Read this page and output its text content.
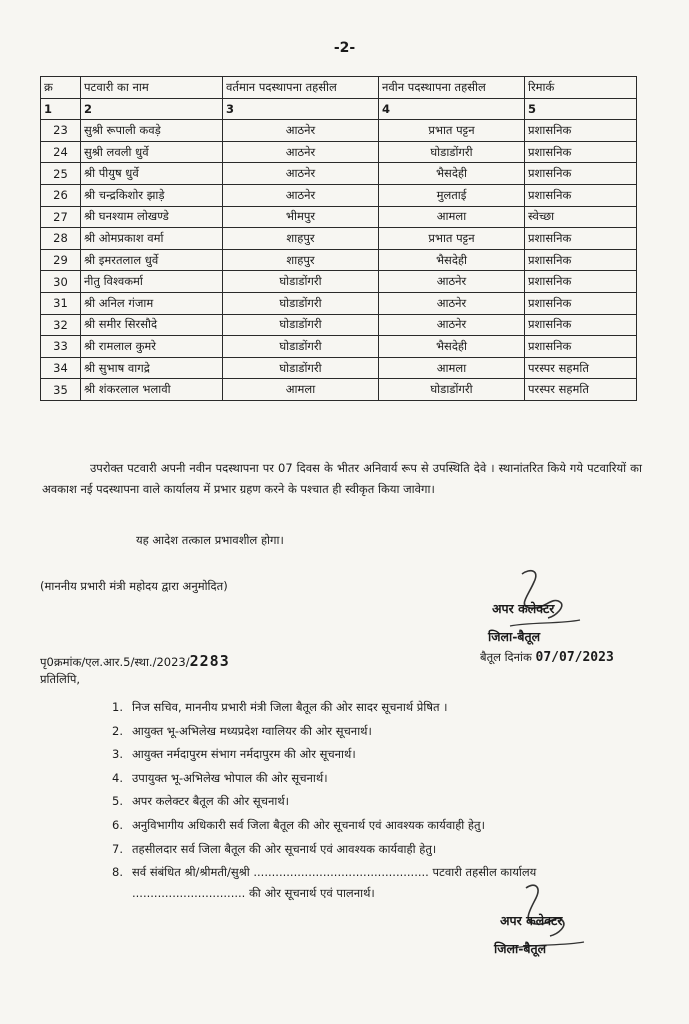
-2-
क्र	पटवारी का नाम	वर्तमान पदस्थापना तहसील	नवीन पदस्थापना तहसील	रिमार्क
1	2	3	4	5
23	सुश्री रूपाली कवड़े	आठनेर	प्रभात पट्टन	प्रशासनिक
24	सुश्री लवली धुर्वे	आठनेर	घोडाडोंगरी	प्रशासनिक
25	श्री पीयुष धुर्वे	आठनेर	भैसदेही	प्रशासनिक
26	श्री चन्द्रकिशोर झाड़े	आठनेर	मुलताई	प्रशासनिक
27	श्री घनश्याम लोखण्डे	भीमपुर	आमला	स्वेच्छा
28	श्री ओमप्रकाश वर्मा	शाहपुर	प्रभात पट्टन	प्रशासनिक
29	श्री इमरतलाल धुर्वे	शाहपुर	भैसदेही	प्रशासनिक
30	नीतु विश्वकर्मा	घोडाडोंगरी	आठनेर	प्रशासनिक
31	श्री अनिल गंजाम	घोडाडोंगरी	आठनेर	प्रशासनिक
32	श्री समीर सिरसौदे	घोडाडोंगरी	आठनेर	प्रशासनिक
33	श्री रामलाल कुमरे	घोडाडोंगरी	भैसदेही	प्रशासनिक
34	श्री सुभाष वागद्रे	घोडाडोंगरी	आमला	परस्पर सहमति
35	श्री शंकरलाल भलावी	आमला	घोडाडोंगरी	परस्पर सहमति
उपरोक्त पटवारी अपनी नवीन पदस्थापना पर 07 दिवस के भीतर अनिवार्य रूप से उपस्थिति देवे । स्थानांतरित किये गये पटवारियों का अवकाश नई पदस्थापना वाले कार्यालय में प्रभार ग्रहण करने के पश्चात ही स्वीकृत किया जावेगा।
यह आदेश तत्काल प्रभावशील होगा।
(माननीय प्रभारी मंत्री महोदय द्वारा अनुमोदित)
अपर कलेक्टर
जिला-बैतूल
पृ0क्रमांक/एल.आर.5/स्था./2023/2283	बैतूल दिनांक 07/07/2023
प्रतिलिपि,
1. निज सचिव, माननीय प्रभारी मंत्री जिला बैतूल की ओर सादर सूचनार्थ प्रेषित ।
2. आयुक्त भू-अभिलेख मध्यप्रदेश ग्वालियर की ओर सूचनार्थ।
3. आयुक्त नर्मदापुरम संभाग नर्मदापुरम की ओर सूचनार्थ।
4. उपायुक्त भू-अभिलेख भोपाल की ओर सूचनार्थ।
5. अपर कलेक्टर बैतूल की ओर सूचनार्थ।
6. अनुविभागीय अधिकारी सर्व जिला बैतूल की ओर सूचनार्थ एवं आवश्यक कार्यवाही हेतु।
7. तहसीलदार सर्व जिला बैतूल की ओर सूचनार्थ एवं आवश्यक कार्यवाही हेतु।
8. सर्व संबंधित श्री/श्रीमती/सुश्री ................................................ पटवारी तहसील कार्यालय
............................... की ओर सूचनार्थ एवं पालनार्थ।
अपर कलेक्टर
जिला-बैतूल
